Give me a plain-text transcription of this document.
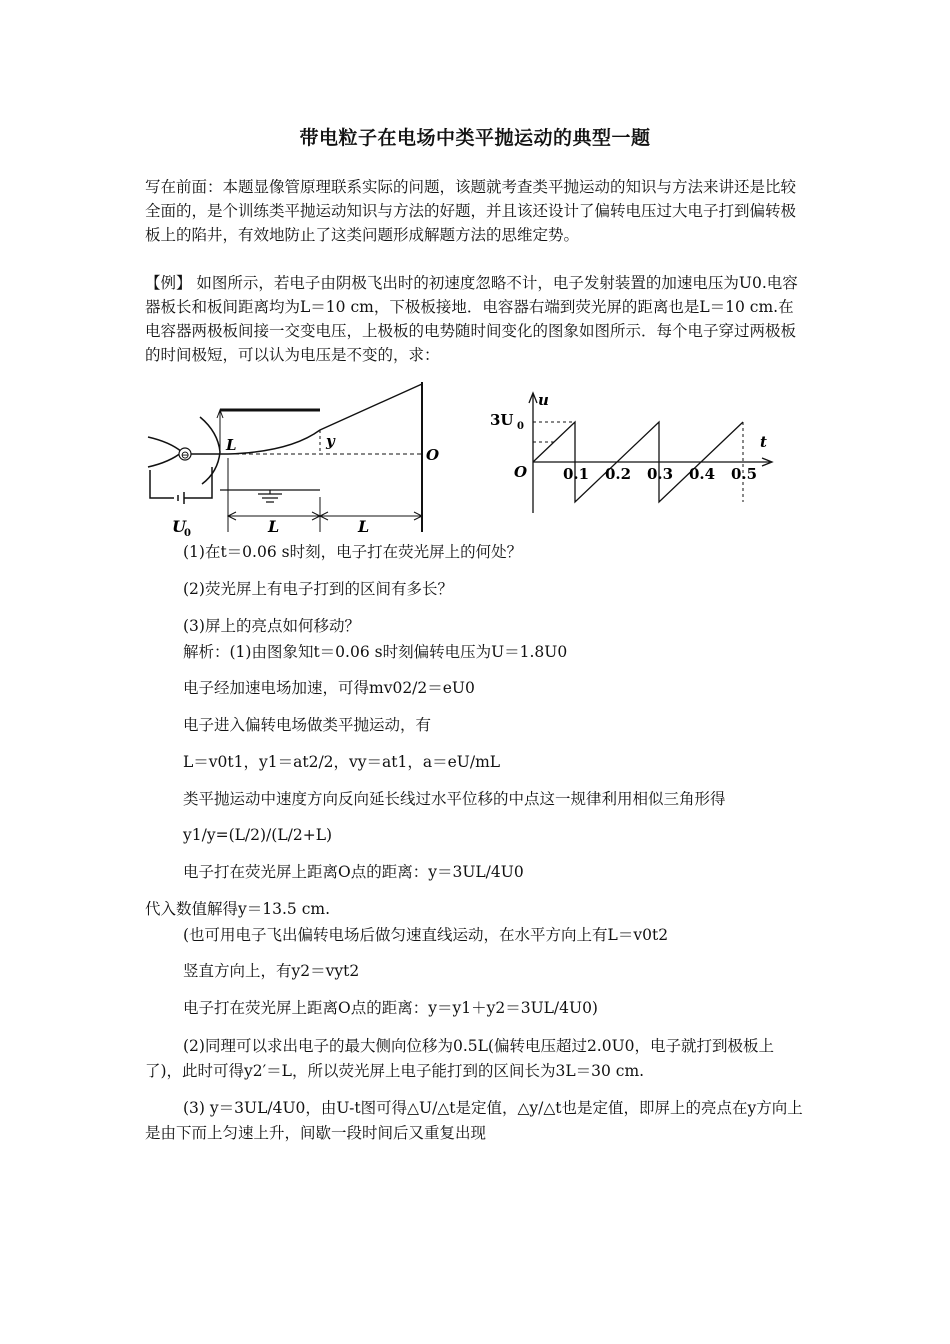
带电粒子在电场中类平抛运动的典型一题

写在前面：本题显像管原理联系实际的问题，该题就考查类平抛运动的知识与方法来讲还是比较全面的，是个训练类平抛运动知识与方法的好题，并且该还设计了偏转电压过大电子打到偏转极板上的陷井，有效地防止了这类问题形成解题方法的思维定势。

【例】 如图所示，若电子由阴极飞出时的初速度忽略不计，电子发射装置的加速电压为U0.电容器板长和板间距离均为L＝10 cm，下极板接地．电容器右端到荧光屏的距离也是L＝10 cm.在电容器两极板间接一交变电压，上极板的电势随时间变化的图象如图所示．每个电子穿过两极板的时间极短，可以认为电压是不变的，求：

⊖
L	y
O
U
0	L	L
u
t
3U 0
O 0.1 0.2 0.3 0.4 0.5
(1)在t＝0.06 s时刻，电子打在荧光屏上的何处？
(2)荧光屏上有电子打到的区间有多长？
(3)屏上的亮点如何移动？
解析：(1)由图象知t＝0.06 s时刻偏转电压为U＝1.8U0
电子经加速电场加速，可得mv02/2＝eU0
电子进入偏转电场做类平抛运动，有
L＝v0t1，y1＝at2/2，vy＝at1，a＝eU/mL
类平抛运动中速度方向反向延长线过水平位移的中点这一规律利用相似三角形得
y1/y=(L/2)/(L/2+L)
电子打在荧光屏上距离O点的距离：y＝3UL/4U0
代入数值解得y＝13.5 cm.
(也可用电子飞出偏转电场后做匀速直线运动，在水平方向上有L＝v0t2
竖直方向上，有y2＝vyt2
电子打在荧光屏上距离O点的距离：y＝y1＋y2＝3UL/4U0)

(2)同理可以求出电子的最大侧向位移为0.5L(偏转电压超过2.0U0，电子就打到极板上了)，此时可得y2′＝L，所以荧光屏上电子能打到的区间长为3L＝30 cm.

(3) y＝3UL/4U0，由U-t图可得△U/△t是定值，△y/△t也是定值，即屏上的亮点在y方向上是由下而上匀速上升，间歇一段时间后又重复出现
